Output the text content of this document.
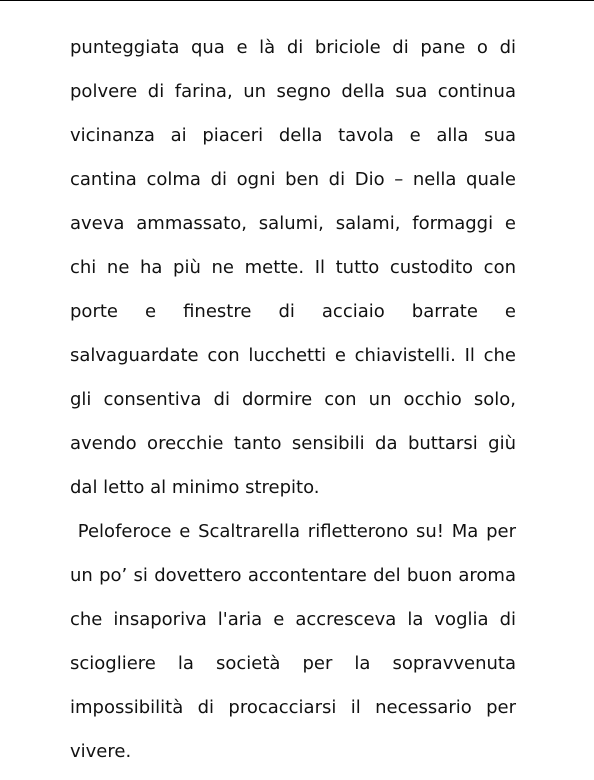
punteggiata qua e là di briciole di pane o di
polvere di farina, un segno della sua continua
vicinanza ai piaceri della tavola e alla sua
cantina colma di ogni ben di Dio – nella quale
aveva ammassato, salumi, salami, formaggi e
chi ne ha più ne mette. Il tutto custodito con
porte e finestre di acciaio barrate e
salvaguardate con lucchetti e chiavistelli. Il che
gli consentiva di dormire con un occhio solo,
avendo orecchie tanto sensibili da buttarsi giù
dal letto al minimo strepito.
Peloferoce e Scaltrarella rifletterono su! Ma per
un po’ si dovettero accontentare del buon aroma
che insaporiva l'aria e accresceva la voglia di
sciogliere la società per la sopravvenuta
impossibilità di procacciarsi il necessario per
vivere.
